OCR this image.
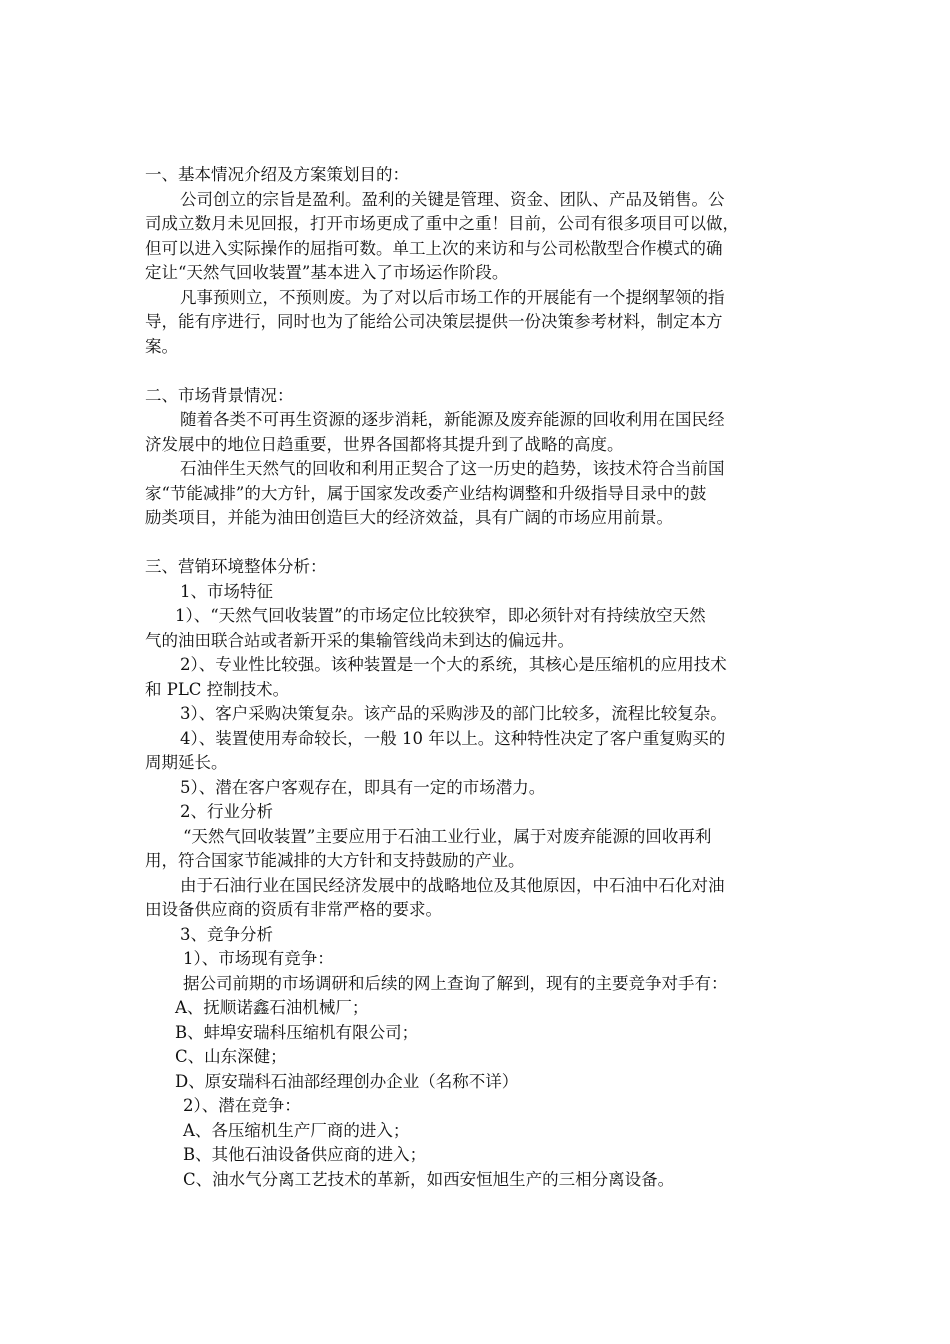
一、基本情况介绍及方案策划目的：

公司创立的宗旨是盈利。盈利的关键是管理、资金、团队、产品及销售。公
司成立数月未见回报，打开市场更成了重中之重！目前，公司有很多项目可以做，
但可以进入实际操作的屈指可数。单工上次的来访和与公司松散型合作模式的确
定让“天然气回收装置”基本进入了市场运作阶段。

凡事预则立，不预则废。为了对以后市场工作的开展能有一个提纲挈领的指
导，能有序进行，同时也为了能给公司决策层提供一份决策参考材料，制定本方
案。

二、市场背景情况：

随着各类不可再生资源的逐步消耗，新能源及废弃能源的回收利用在国民经
济发展中的地位日趋重要，世界各国都将其提升到了战略的高度。

石油伴生天然气的回收和利用正契合了这一历史的趋势，该技术符合当前国
家“节能减排”的大方针，属于国家发改委产业结构调整和升级指导目录中的鼓
励类项目，并能为油田创造巨大的经济效益，具有广阔的市场应用前景。

三、营销环境整体分析：
1、市场特征

1）、“天然气回收装置”的市场定位比较狭窄，即必须针对有持续放空天然
气的油田联合站或者新开采的集输管线尚未到达的偏远井。

2）、专业性比较强。该种装置是一个大的系统，其核心是压缩机的应用技术
和 PLC 控制技术。

3）、客户采购决策复杂。该产品的采购涉及的部门比较多，流程比较复杂。

4）、装置使用寿命较长，一般 10 年以上。这种特性决定了客户重复购买的
周期延长。

5）、潜在客户客观存在，即具有一定的市场潜力。
2、行业分析

“天然气回收装置”主要应用于石油工业行业，属于对废弃能源的回收再利
用，符合国家节能减排的大方针和支持鼓励的产业。

由于石油行业在国民经济发展中的战略地位及其他原因，中石油中石化对油
田设备供应商的资质有非常严格的要求。

3、竞争分析
1）、市场现有竞争：
据公司前期的市场调研和后续的网上查询了解到，现有的主要竞争对手有：
A、抚顺诺鑫石油机械厂；
B、蚌埠安瑞科压缩机有限公司；
C、山东深健；
D、原安瑞科石油部经理创办企业（名称不详）
2）、潜在竞争：
A、各压缩机生产厂商的进入；
B、其他石油设备供应商的进入；
C、油水气分离工艺技术的革新，如西安恒旭生产的三相分离设备。
